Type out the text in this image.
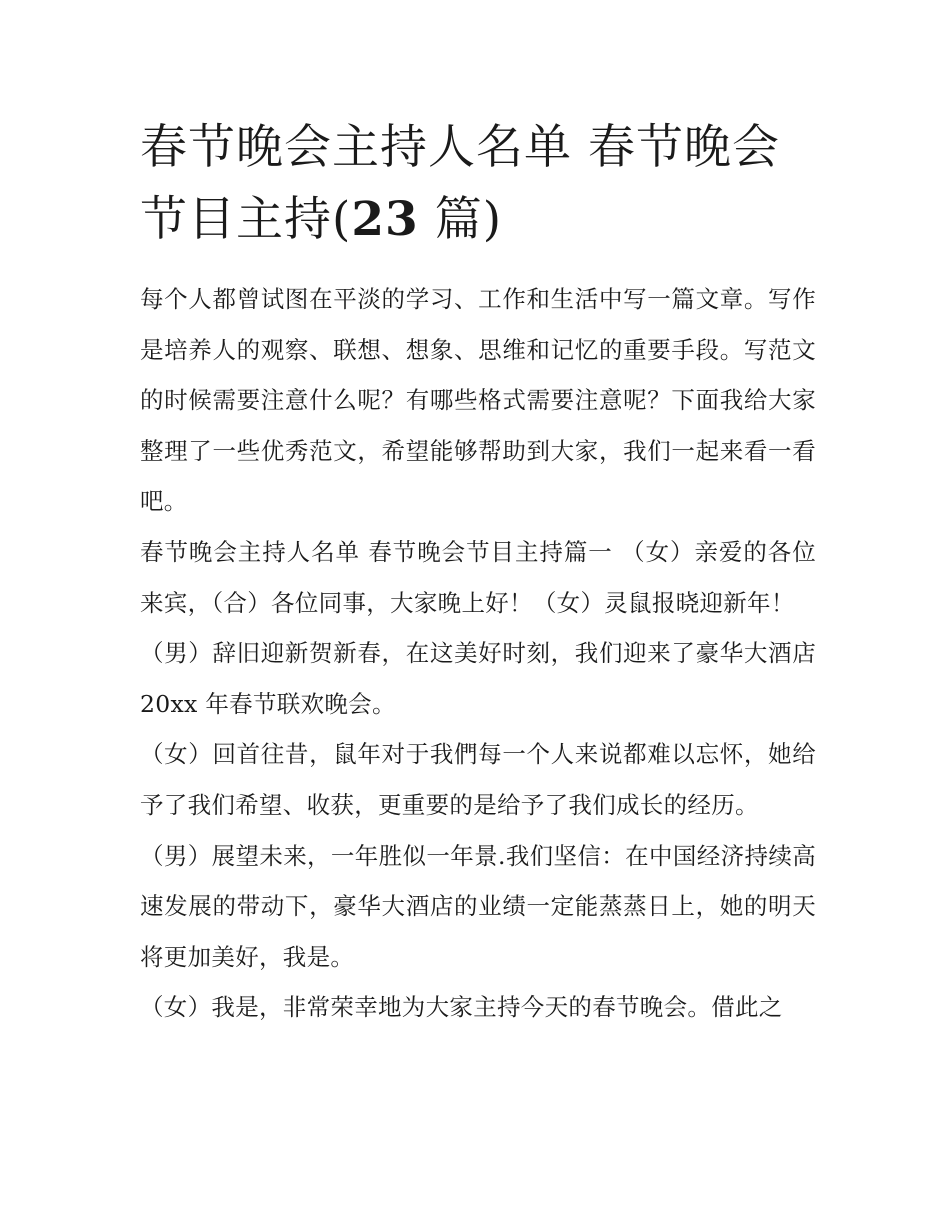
春节晚会主持人名单 春节晚会节目主持(23 篇)

每个人都曾试图在平淡的学习、工作和生活中写一篇文章。写作是培养人的观察、联想、想象、思维和记忆的重要手段。写范文的时候需要注意什么呢？有哪些格式需要注意呢？下面我给大家整理了一些优秀范文，希望能够帮助到大家，我们一起来看一看吧。

春节晚会主持人名单 春节晚会节目主持篇一 （女）亲爱的各位来宾，（合）各位同事，大家晚上好！（女）灵鼠报晓迎新年！

（男）辞旧迎新贺新春，在这美好时刻，我们迎来了豪华大酒店 20xx 年春节联欢晚会。

（女）回首往昔，鼠年对于我們每一个人来说都难以忘怀，她给予了我们希望、收获，更重要的是给予了我们成长的经历。

（男）展望未来，一年胜似一年景.我们坚信：在中国经济持续高速发展的带动下，豪华大酒店的业绩一定能蒸蒸日上，她的明天将更加美好，我是。

（女）我是，非常荣幸地为大家主持今天的春节晚会。借此之
